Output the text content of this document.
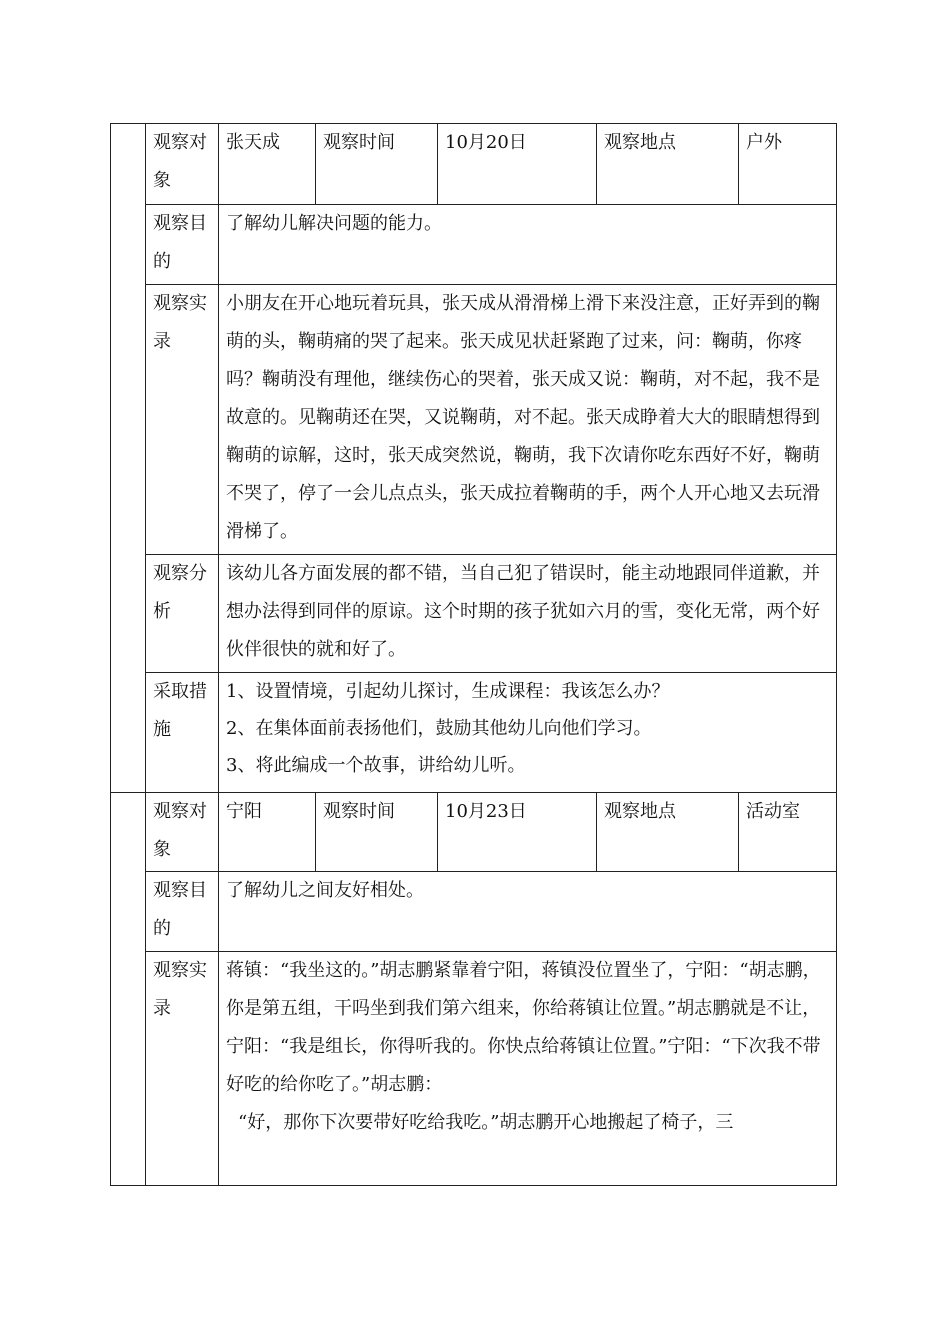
	观察对象	张天成	观察时间	10月20日	观察地点	户外
	观察目的	了解幼儿解决问题的能力。				
	观察实录	小朋友在开心地玩着玩具，张天成从滑滑梯上滑下来没注意，正好弄到的鞠萌的头，鞠萌痛的哭了起来。张天成见状赶紧跑了过来，问：鞠萌，你疼吗？鞠萌没有理他，继续伤心的哭着，张天成又说：鞠萌，对不起，我不是故意的。见鞠萌还在哭，又说鞠萌，对不起。张天成睁着大大的眼睛想得到鞠萌的谅解，这时，张天成突然说，鞠萌，我下次请你吃东西好不好，鞠萌不哭了，停了一会儿点点头，张天成拉着鞠萌的手，两个人开心地又去玩滑滑梯了。				

	观察分析	该幼儿各方面发展的都不错，当自己犯了错误时，能主动地跟同伴道歉，并想办法得到同伴的原谅。这个时期的孩子犹如六月的雪，变化无常，两个好伙伴很快的就和好了。				

	采取措施	1、设置情境，引起幼儿探讨，生成课程：我该怎么办？

2、在集体面前表扬他们，鼓励其他幼儿向他们学习。

3、将此编成一个故事，讲给幼儿听。				

	观察对象	宁阳	观察时间	10月23日	观察地点	活动室
	观察目的	了解幼儿之间友好相处。				
	观察实录	蒋镇：“我坐这的。”胡志鹏紧靠着宁阳，蒋镇没位置坐了，宁阳：“胡志鹏，你是第五组，干吗坐到我们第六组来，你给蒋镇让位置。”胡志鹏就是不让，宁阳：“我是组长，你得听我的。你快点给蒋镇让位置。”宁阳：“下次我不带好吃的给你吃了。”胡志鹏：

“好，那你下次要带好吃给我吃。”胡志鹏开心地搬起了椅子，三				
